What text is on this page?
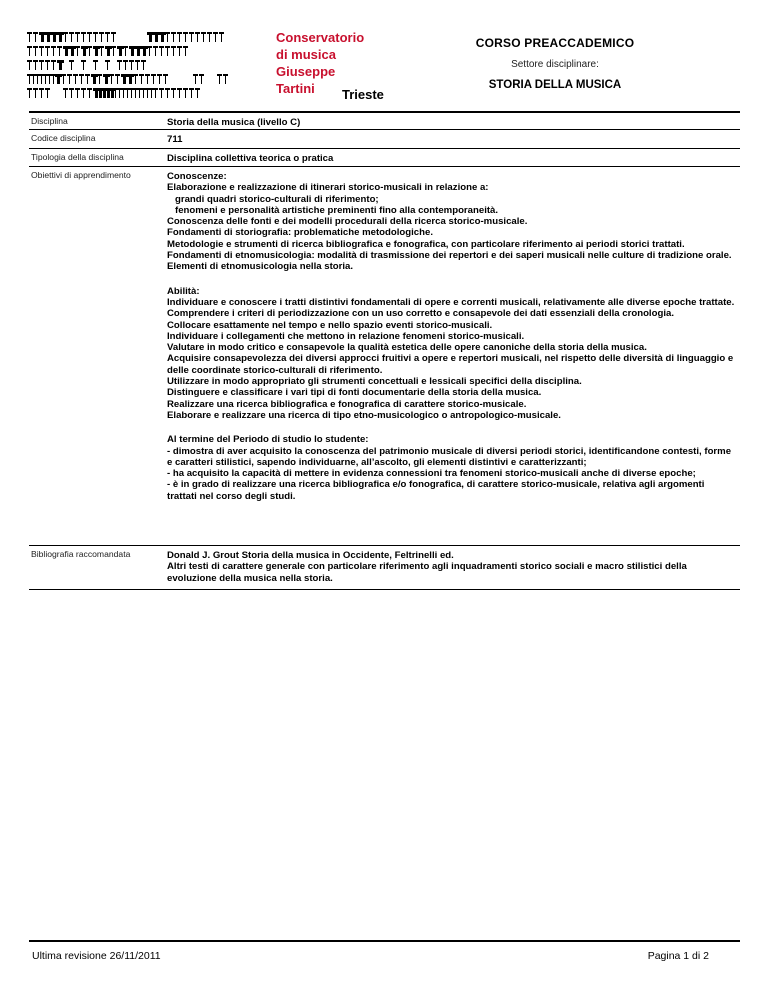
Conservatorio
di musica
Giuseppe
Tartini	Trieste
CORSO PREACCADEMICO
Settore disciplinare:
STORIA DELLA MUSICA
Disciplina	Storia della musica (livello C)
Codice disciplina	711
Tipologia della disciplina	Disciplina collettiva teorica o pratica
Obiettivi di apprendimento	Conoscenze:

Elaborazione e realizzazione di itinerari storico-musicali in relazione a:

grandi quadri storico-culturali di riferimento;

fenomeni e personalità artistiche preminenti fino alla contemporaneità.

Conoscenza delle fonti e dei modelli procedurali della ricerca storico-musicale.

Fondamenti di storiografia: problematiche metodologiche.

Metodologie e strumenti di ricerca bibliografica e fonografica, con particolare riferimento ai periodi storici trattati.

Fondamenti di etnomusicologia: modalità di trasmissione dei repertori e dei saperi musicali nelle culture di tradizione orale.

Elementi di etnomusicologia nella storia.

Abilità:

Individuare e conoscere i tratti distintivi fondamentali di opere e correnti musicali, relativamente alle diverse epoche trattate.

Comprendere i criteri di periodizzazione con un uso corretto e consapevole dei dati essenziali della cronologia.

Collocare esattamente nel tempo e nello spazio eventi storico-musicali.

Individuare i collegamenti che mettono in relazione fenomeni storico-musicali.

Valutare in modo critico e consapevole la qualità estetica delle opere canoniche della storia della musica.

Acquisire consapevolezza dei diversi approcci fruitivi a opere e repertori musicali, nel rispetto delle diversità di linguaggio e delle coordinate storico-culturali di riferimento.

Utilizzare in modo appropriato gli strumenti concettuali e lessicali specifici della disciplina.

Distinguere e classificare i vari tipi di fonti documentarie della storia della musica.

Realizzare una ricerca bibliografica e fonografica di carattere storico-musicale.

Elaborare e realizzare una ricerca di tipo etno-musicologico o antropologico-musicale.

Al termine del Periodo di studio lo studente:

- dimostra di aver acquisito la conoscenza del patrimonio musicale di diversi periodi storici, identificandone contesti, forme e caratteri stilistici, sapendo individuarne, all’ascolto, gli elementi distintivi e caratterizzanti;

- ha acquisito la capacità di mettere in evidenza connessioni tra fenomeni storico-musicali anche di diverse epoche;

- è in grado di realizzare una ricerca bibliografica e/o fonografica, di carattere storico-musicale, relativa agli argomenti trattati nel corso degli studi.

Bibliografia raccomandata	Donald J. Grout Storia della musica in Occidente, Feltrinelli ed.

Altri testi di carattere generale con particolare riferimento agli inquadramenti storico sociali e macro stilistici della evoluzione della musica nella storia.

Ultima revisione 26/11/2011	Pagina 1 di 2
